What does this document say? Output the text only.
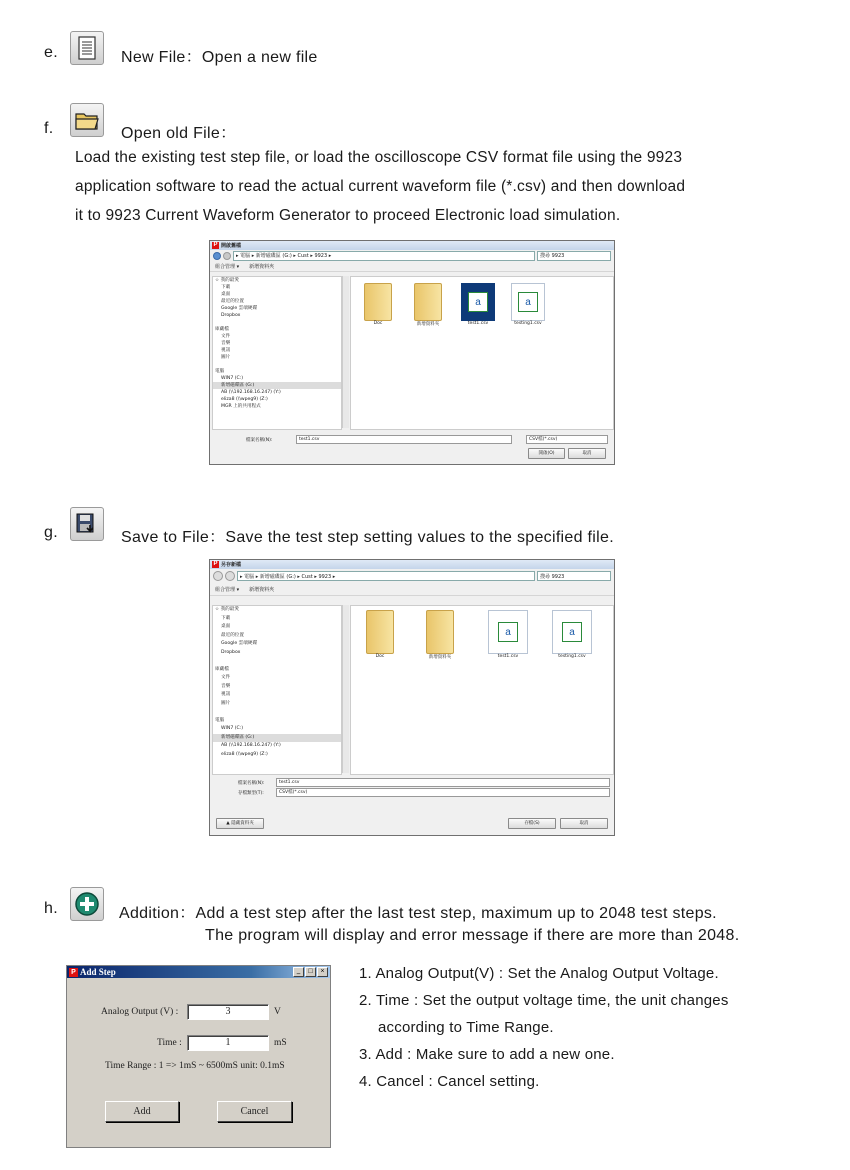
e.	New File：Open a new file
f.	Open old File：
Load the existing test step file, or load the oscilloscope CSV format file using the 9923
application software to read the actual current waveform file (*.csv) and then download
it to 9923 Current Waveform Generator to proceed Electronic load simulation.
P 開啟舊檔
▸ 電腦 ▸ 新增磁碟區 (G:) ▸ Cust ▸ 9923 ▸	搜尋 9923
組合管理 ▾ 新增資料夾
☆ 我的最愛
下載
桌面
最近的位置
Google 雲端硬碟
Dropbox
庫藏檔
文件
音樂
視訊
圖片
電腦
WIN7 (C:)
新增磁碟區 (G:)
AB (\\192.168.16.247) (Y:)
eliza8 (\\wpeg9) (Z:)
MGR 上的共用程式
Doc	新增資料夾
a
test1.csv
a
testing1.csv
檔案名稱(N):	test1.csv	CSV檔(*.csv)
開啟(O)	取消
g.	Save to File：Save the test step setting values to the specified file.
P 另存新檔
▸ 電腦 ▸ 新增磁碟區 (G:) ▸ Cust ▸ 9923 ▸	搜尋 9923
組合管理 ▾ 新增資料夾
☆ 我的最愛
下載
桌面
最近的位置
Google 雲端硬碟
Dropbox
庫藏檔
文件
音樂
視訊
圖片
電腦
WIN7 (C:)
新增磁碟區 (G:)
AB (\\192.168.16.247) (Y:)
eliza8 (\\wpeg9) (Z:)
Doc	新增資料夾
a
test1.csv
a
testing1.csv
檔案名稱(N):	test1.csv
存檔類型(T):	CSV檔(*.csv)
▲ 隱藏資料夾	存檔(S)	取消
h.	Addition：Add a test step after the last test step, maximum up to 2048 test steps.
The program will display and error message if there are more than 2048.
P Add Step	_	□	×
Analog Output (V) :	3	V
Time :	1	mS
Time Range : 1 => 1mS ~ 6500mS unit: 0.1mS
Add	Cancel
1. Analog Output(V) : Set the Analog Output Voltage.
2. Time : Set the output voltage time, the unit changes
according to Time Range.
3. Add : Make sure to add a new one.
4. Cancel : Cancel setting.
